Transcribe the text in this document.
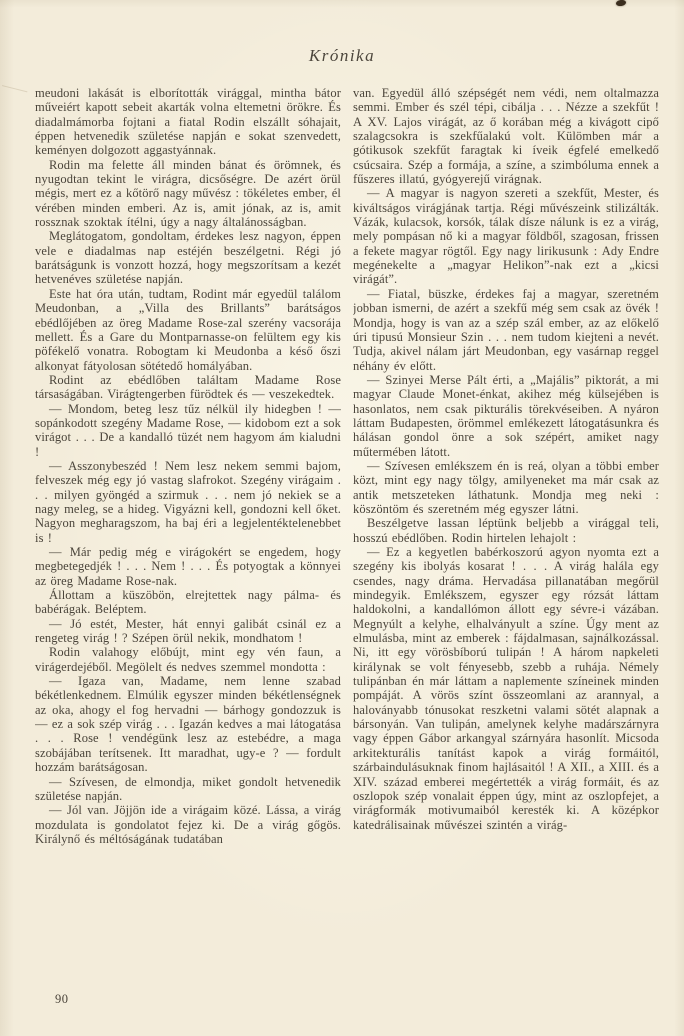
Krónika

meudoni lakását is elborították virággal, mintha bátor műveiért kapott sebeit akarták volna eltemetni örökre. És diadalmámorba fojtani a fiatal Rodin elszállt sóhajait, éppen hetvenedik születése napján e sokat szenvedett, keményen dolgozott aggastyánnak.

Rodin ma felette áll minden bánat és örömnek, és nyugodtan tekint le virágra, dicsőségre. De azért örül mégis, mert ez a kőtörő nagy művész : tökéletes ember, él vérében minden emberi. Az is, amit jónak, az is, amit rossznak szoktak ítélni, úgy a nagy általánosságban.

Meglátogatom, gondoltam, érdekes lesz nagyon, éppen vele e diadalmas nap estéjén beszélgetni. Régi jó barátságunk is vonzott hozzá, hogy megszorítsam a kezét hetvenéves születése napján.

Este hat óra után, tudtam, Rodint már egyedül találom Meudonban, a „Villa des Brillants” barátságos ebédlőjében az öreg Madame Rose-zal szerény vacsorája mellett. És a Gare du Montparnasse-on felültem egy kis pöfékelő vonatra. Robogtam ki Meudonba a késő őszi alkonyat fátyolosan sötétedő homályában.

Rodint az ebédlőben találtam Madame Rose társaságában. Virágtengerben fürödtek és — veszekedtek.

— Mondom, beteg lesz tűz nélkül ily hidegben ! — sopánkodott szegény Madame Rose, — kidobom ezt a sok virágot . . . De a kandalló tüzét nem hagyom ám kialudni !

— Asszonybeszéd ! Nem lesz nekem semmi bajom, felveszek még egy jó vastag slafrokot. Szegény virágaim . . . milyen gyöngéd a szirmuk . . . nem jó nekiek se a nagy meleg, se a hideg. Vigyázni kell, gondozni kell őket. Nagyon megharagszom, ha baj éri a legjelentéktelenebbet is !

— Már pedig még e virágokért se engedem, hogy megbetegedjék ! . . . Nem ! . . . És potyogtak a könnyei az öreg Madame Rose-nak.

Állottam a küszöbön, elrejtettek nagy pálma- és babérágak. Beléptem.

— Jó estét, Mester, hát ennyi galibát csinál ez a rengeteg virág ! ? Szépen örül nekik, mondhatom !

Rodin valahogy előbújt, mint egy vén faun, a virágerdejéből. Megölelt és nedves szemmel mondotta :

— Igaza van, Madame, nem lenne szabad békétlenkednem. Elmúlik egyszer minden békétlenségnek az oka, ahogy el fog hervadni — bárhogy gondozzuk is — ez a sok szép virág . . . Igazán kedves a mai látogatása . . . Rose ! vendégünk lesz az estebédre, a maga szobájában terítsenek. Itt maradhat, ugy-e ? — fordult hozzám barátságosan.

— Szívesen, de elmondja, miket gondolt hetvenedik születése napján.

— Jól van. Jöjjön ide a virágaim közé. Lássa, a virág mozdulata is gondolatot fejez ki. De a virág gőgös. Királynő és méltóságának tudatában

van. Egyedül álló szépségét nem védi, nem oltalmazza semmi. Ember és szél tépi, cibálja . . . Nézze a szekfűt ! A XV. Lajos virágát, az ő korában még a kivágott cipő szalagcsokra is szekfűalakú volt. Külömben már a gótikusok szekfűt faragtak ki íveik égfelé emelkedő csúcsaira. Szép a formája, a színe, a szimbóluma ennek a fűszeres illatú, gyógyerejű virágnak.

— A magyar is nagyon szereti a szekfűt, Mester, és kiváltságos virágjának tartja. Régi művészeink stilizálták. Vázák, kulacsok, korsók, tálak dísze nálunk is ez a virág, mely pompásan nő ki a magyar földből, szagosan, frissen a fekete magyar rögtől. Egy nagy lirikusunk : Ady Endre megénekelte a „magyar Helikon”-nak ezt a „kicsi virágát”.

— Fiatal, büszke, érdekes faj a magyar, szeretném jobban ismerni, de azért a szekfű még sem csak az övék ! Mondja, hogy is van az a szép szál ember, az az előkelő úri tipusú Monsieur Szin . . . nem tudom kiejteni a nevét. Tudja, akivel nálam járt Meudonban, egy vasárnap reggel néhány év előtt.

— Szinyei Merse Pált érti, a „Majális” piktorát, a mi magyar Claude Monet-énkat, akihez még külsejében is hasonlatos, nem csak pikturális törekvéseiben. A nyáron láttam Budapesten, örömmel emlékezett látogatásunkra és hálásan gondol önre a sok szépért, amiket nagy műtermében látott.

— Szívesen emlékszem én is reá, olyan a többi ember közt, mint egy nagy tölgy, amilyeneket ma már csak az antik metszeteken láthatunk. Mondja meg neki : köszöntöm és szeretném még egyszer látni.

Beszélgetve lassan léptünk beljebb a virággal teli, hosszú ebédlőben. Rodin hirtelen lehajolt :

— Ez a kegyetlen babérkoszorú agyon nyomta ezt a szegény kis ibolyás kosarat ! . . . A virág halála egy csendes, nagy dráma. Hervadása pillanatában megőrül mindegyik. Emlékszem, egyszer egy rózsát láttam haldokolni, a kandallómon állott egy sévre-i vázában. Megnyúlt a kelyhe, elhalványult a színe. Úgy ment az elmulásba, mint az emberek : fájdalmasan, sajnálkozással. Ni, itt egy vörösbíború tulipán ! A három napkeleti királynak se volt fényesebb, szebb a ruhája. Némely tulipánban én már láttam a naplemente színeinek minden pompáját. A vörös színt összeomlani az arannyal, a haloványabb tónusokat reszketni valami sötét alapnak a bársonyán. Van tulipán, amelynek kelyhe madárszárnyra vagy éppen Gábor arkangyal szárnyára hasonlít. Micsoda arkitekturális tanítást kapok a virág formáitól, szárbaindulásuknak finom hajlásaitól ! A XII., a XIII. és a XIV. század emberei megértették a virág formáit, és az oszlopok szép vonalait éppen úgy, mint az oszlopfejet, a virágformák motivumaiból keresték ki. A középkor katedrálisainak művészei szintén a virág-

90
